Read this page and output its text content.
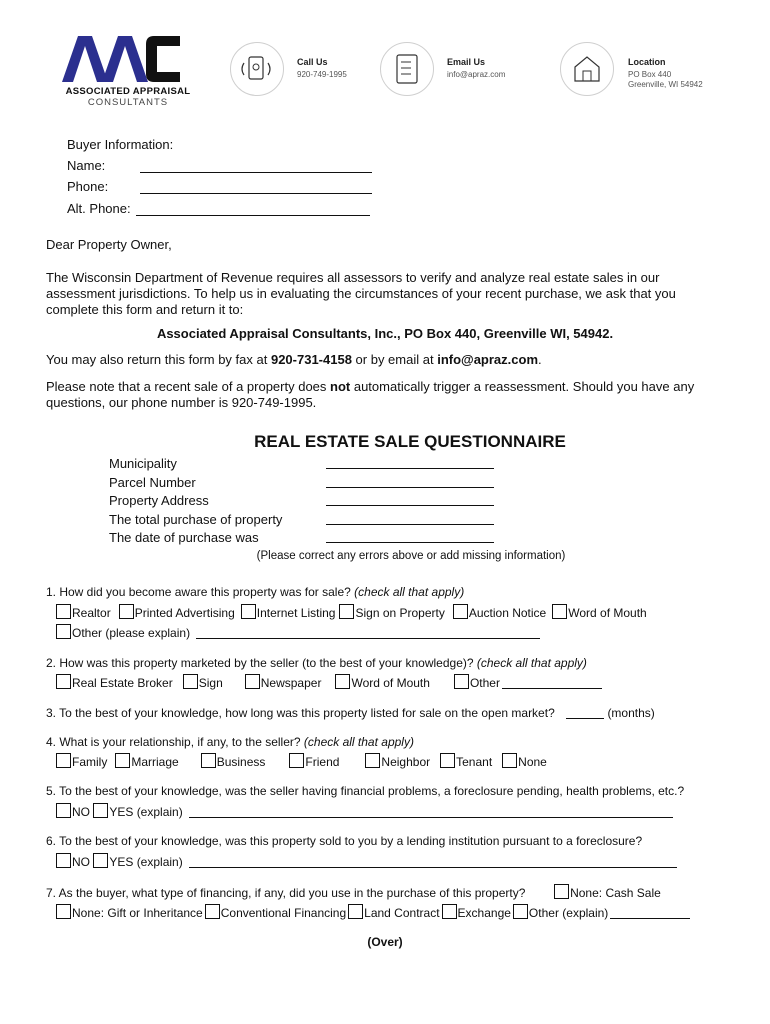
ASSOCIATED APPRAISAL
CONSULTANTS
Call Us
920-749-1995
Email Us
info@apraz.com
Location
PO Box 440
Greenville, WI 54942
Buyer Information:
Name:
Phone:
Alt. Phone:
Dear Property Owner,
The Wisconsin Department of Revenue requires all assessors to verify and analyze real estate sales in our assessment jurisdictions. To help us in evaluating the circumstances of your recent purchase, we ask that you complete this form and return it to:
Associated Appraisal Consultants, Inc., PO Box 440, Greenville WI, 54942.
You may also return this form by fax at 920-731-4158 or by email at info@apraz.com.
Please note that a recent sale of a property does not automatically trigger a reassessment. Should you have any questions, our phone number is 920-749-1995.
REAL ESTATE SALE QUESTIONNAIRE
Municipality
Parcel Number
Property Address
The total purchase of property
The date of purchase was
(Please correct any errors above or add missing information)
1. How did you become aware this property was for sale? (check all that apply)
Realtor Printed Advertising Internet Listing Sign on Property Auction Notice Word of Mouth
Other (please explain)
2. How was this property marketed by the seller (to the best of your knowledge)? (check all that apply)
Real Estate Broker Sign	Newspaper	Word of Mouth	Other
3. To the best of your knowledge, how long was this property listed for sale on the open market?	(months)
4. What is your relationship, if any, to the seller? (check all that apply)
Family Marriage	Business	Friend	Neighbor Tenant None
5. To the best of your knowledge, was the seller having financial problems, a foreclosure pending, health problems, etc.?
NO YES (explain)
6. To the best of your knowledge, was this property sold to you by a lending institution pursuant to a foreclosure?
NO YES (explain)
7. As the buyer, what type of financing, if any, did you use in the purchase of this property?	None: Cash Sale
None: Gift or Inheritance Conventional Financing Land Contract Exchange Other (explain)
(Over)
